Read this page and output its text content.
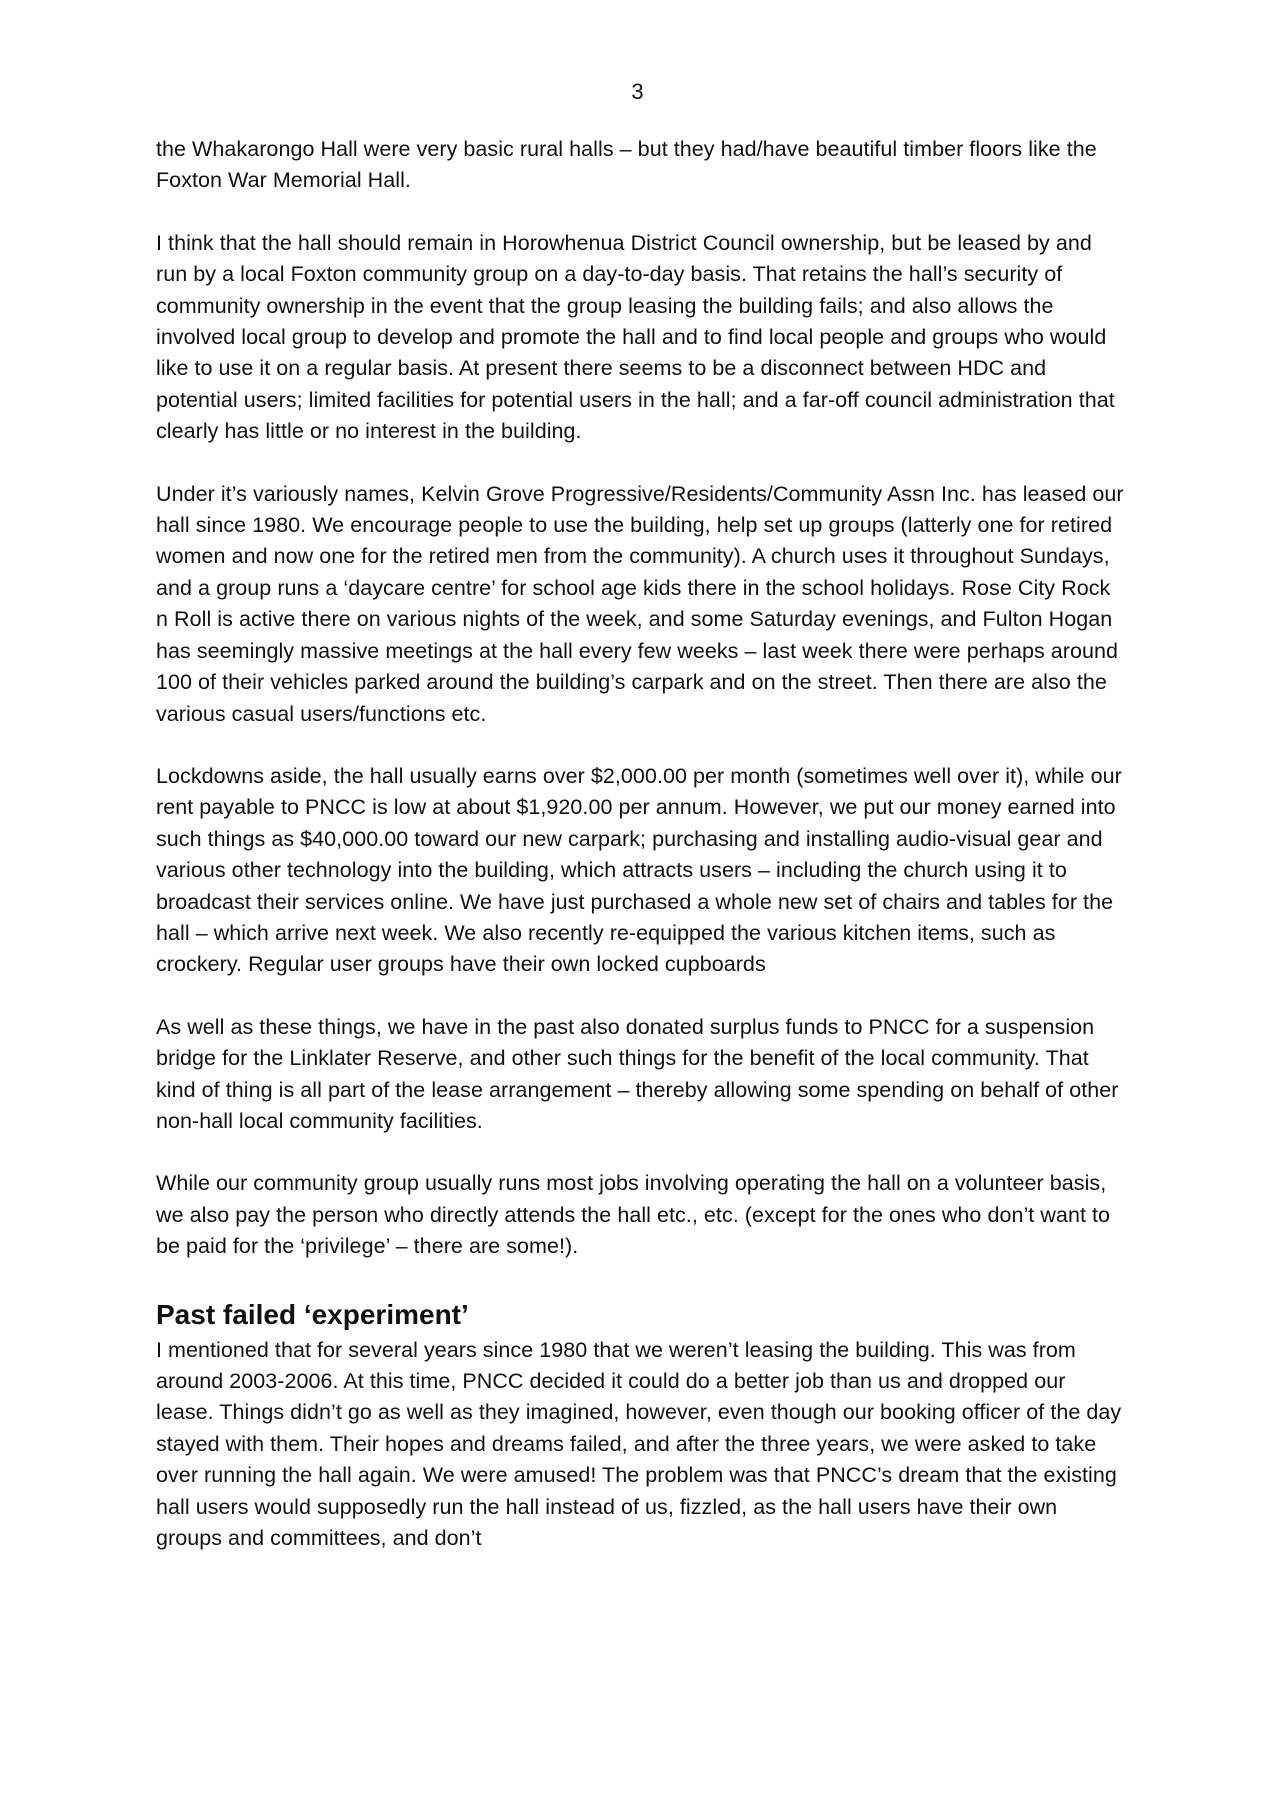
3

the Whakarongo Hall were very basic rural halls – but they had/have beautiful timber floors like the Foxton War Memorial Hall.

I think that the hall should remain in Horowhenua District Council ownership, but be leased by and run by a local Foxton community group on a day-to-day basis. That retains the hall’s security of community ownership in the event that the group leasing the building fails; and also allows the involved local group to develop and promote the hall and to find local people and groups who would like to use it on a regular basis. At present there seems to be a disconnect between HDC and potential users; limited facilities for potential users in the hall; and a far-off council administration that clearly has little or no interest in the building.

Under it’s variously names, Kelvin Grove Progressive/Residents/Community Assn Inc. has leased our hall since 1980. We encourage people to use the building, help set up groups (latterly one for retired women and now one for the retired men from the community). A church uses it throughout Sundays, and a group runs a ‘daycare centre’ for school age kids there in the school holidays. Rose City Rock n Roll is active there on various nights of the week, and some Saturday evenings, and Fulton Hogan has seemingly massive meetings at the hall every few weeks – last week there were perhaps around 100 of their vehicles parked around the building’s carpark and on the street. Then there are also the various casual users/functions etc.

Lockdowns aside, the hall usually earns over $2,000.00 per month (sometimes well over it), while our rent payable to PNCC is low at about $1,920.00 per annum. However, we put our money earned into such things as $40,000.00 toward our new carpark; purchasing and installing audio-visual gear and various other technology into the building, which attracts users – including the church using it to broadcast their services online. We have just purchased a whole new set of chairs and tables for the hall – which arrive next week. We also recently re-equipped the various kitchen items, such as crockery. Regular user groups have their own locked cupboards

As well as these things, we have in the past also donated surplus funds to PNCC for a suspension bridge for the Linklater Reserve, and other such things for the benefit of the local community. That kind of thing is all part of the lease arrangement – thereby allowing some spending on behalf of other non-hall local community facilities.

While our community group usually runs most jobs involving operating the hall on a volunteer basis, we also pay the person who directly attends the hall etc., etc. (except for the ones who don’t want to be paid for the ‘privilege’ – there are some!).

Past failed ‘experiment’

I mentioned that for several years since 1980 that we weren’t leasing the building. This was from around 2003-2006. At this time, PNCC decided it could do a better job than us and dropped our lease. Things didn’t go as well as they imagined, however, even though our booking officer of the day stayed with them. Their hopes and dreams failed, and after the three years, we were asked to take over running the hall again. We were amused! The problem was that PNCC’s dream that the existing hall users would supposedly run the hall instead of us, fizzled, as the hall users have their own groups and committees, and don’t
